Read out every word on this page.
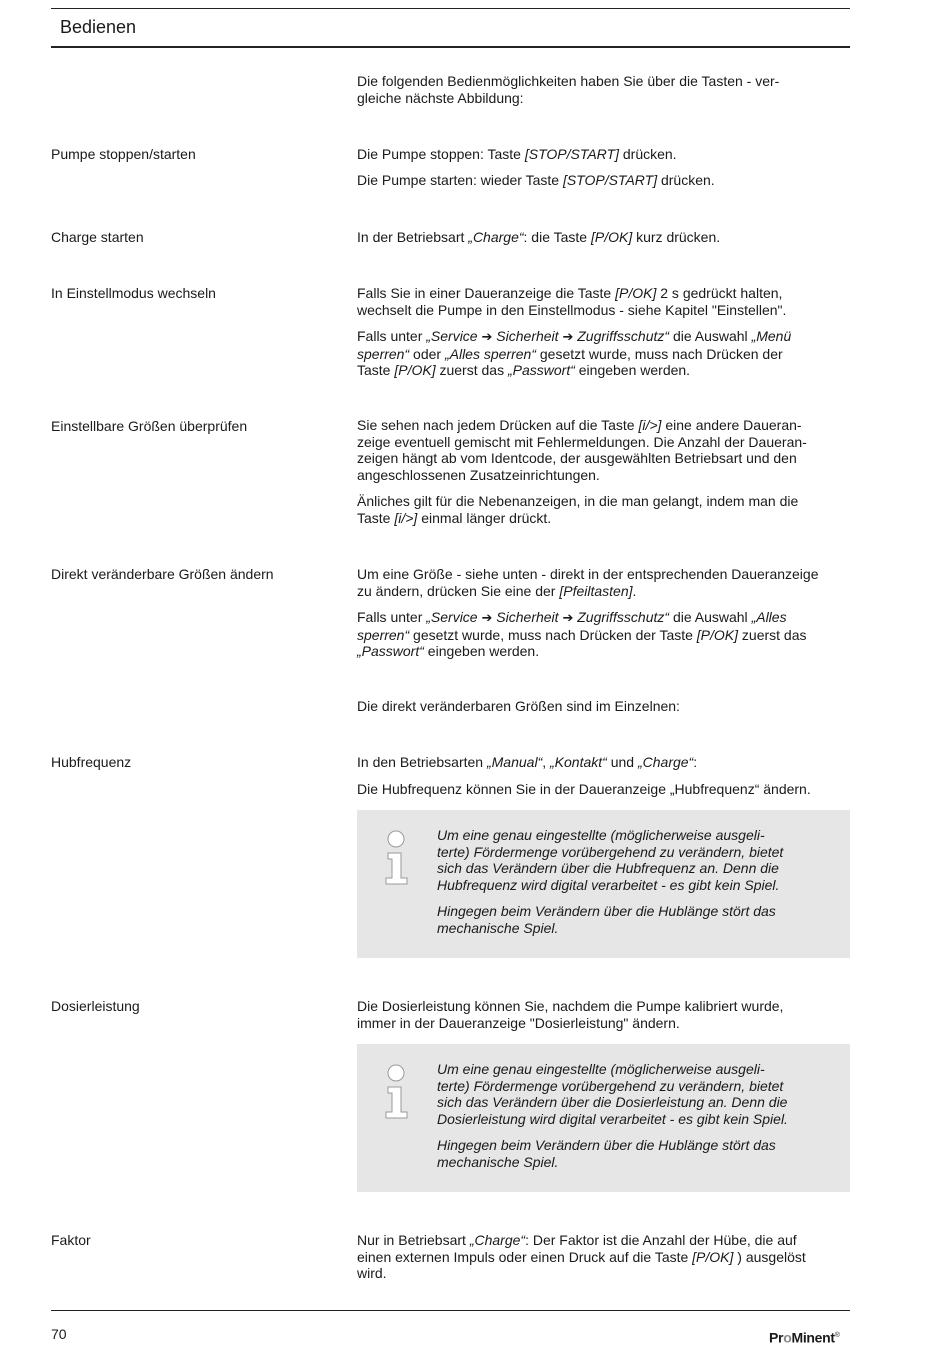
Bedienen

Die folgenden Bedienmöglichkeiten haben Sie über die Tasten - ver-
gleiche nächste Abbildung:

Pumpe stoppen/starten	Die Pumpe stoppen: Taste [STOP/START] drücken.

Die Pumpe starten: wieder Taste [STOP/START] drücken.

Charge starten	In der Betriebsart „Charge“: die Taste [P/OK] kurz drücken.

In Einstellmodus wechseln	Falls Sie in einer Daueranzeige die Taste [P/OK] 2 s gedrückt halten,
wechselt die Pumpe in den Einstellmodus - siehe Kapitel "Einstellen".

Falls unter „Service ➔ Sicherheit ➔ Zugriffsschutz“ die Auswahl „Menü
sperren“ oder „Alles sperren“ gesetzt wurde, muss nach Drücken der
Taste [P/OK] zuerst das „Passwort“ eingeben werden.

Einstellbare Größen überprüfen	Sie sehen nach jedem Drücken auf die Taste [i/>] eine andere Daueran-
zeige eventuell gemischt mit Fehlermeldungen. Die Anzahl der Daueran-
zeigen hängt ab vom Identcode, der ausgewählten Betriebsart und den
angeschlossenen Zusatzeinrichtungen.

Änliches gilt für die Nebenanzeigen, in die man gelangt, indem man die
Taste [i/>] einmal länger drückt.

Direkt veränderbare Größen ändern	Um eine Größe - siehe unten - direkt in der entsprechenden Daueranzeige
zu ändern, drücken Sie eine der [Pfeiltasten].

Falls unter „Service ➔ Sicherheit ➔ Zugriffsschutz“ die Auswahl „Alles
sperren“ gesetzt wurde, muss nach Drücken der Taste [P/OK] zuerst das
„Passwort“ eingeben werden.

Die direkt veränderbaren Größen sind im Einzelnen:

Hubfrequenz	In den Betriebsarten „Manual“, „Kontakt“ und „Charge“:

Die Hubfrequenz können Sie in der Daueranzeige „Hubfrequenz“ ändern.

Um eine genau eingestellte (möglicherweise ausgeli-
terte) Fördermenge vorübergehend zu verändern, bietet
sich das Verändern über die Hubfrequenz an. Denn die
Hubfrequenz wird digital verarbeitet - es gibt kein Spiel.

Hingegen beim Verändern über die Hublänge stört das
mechanische Spiel.

Dosierleistung	Die Dosierleistung können Sie, nachdem die Pumpe kalibriert wurde,
immer in der Daueranzeige "Dosierleistung" ändern.

Um eine genau eingestellte (möglicherweise ausgeli-
terte) Fördermenge vorübergehend zu verändern, bietet
sich das Verändern über die Dosierleistung an. Denn die
Dosierleistung wird digital verarbeitet - es gibt kein Spiel.

Hingegen beim Verändern über die Hublänge stört das
mechanische Spiel.

Faktor	Nur in Betriebsart „Charge“: Der Faktor ist die Anzahl der Hübe, die auf
einen externen Impuls oder einen Druck auf die Taste [P/OK] ) ausgelöst
wird.

70	ProMinent®
